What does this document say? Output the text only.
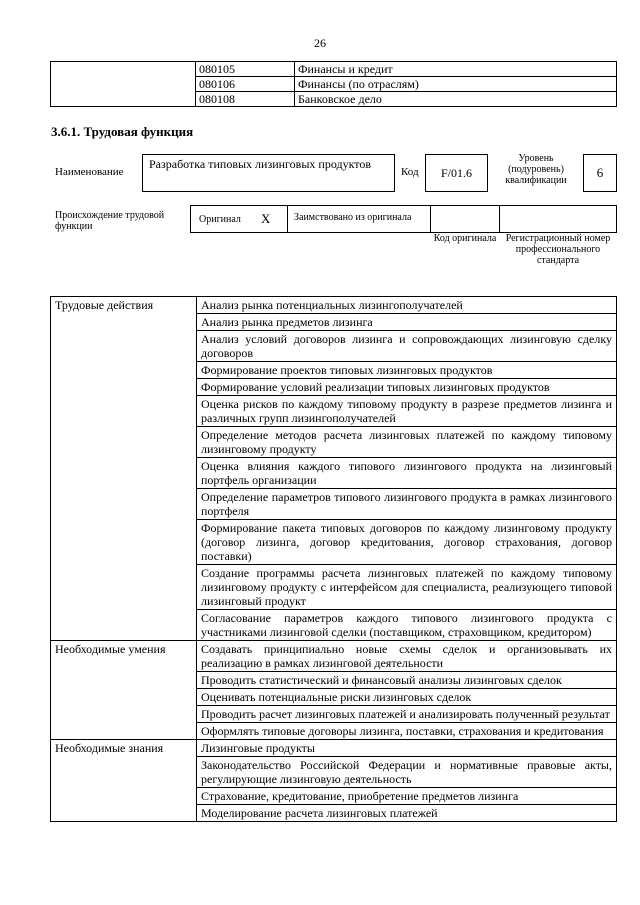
26
	080105	Финансы и кредит
	080106	Финансы (по отраслям)
	080108	Банковское дело
3.6.1. Трудовая функция
Наименование
Разработка типовых лизинговых продуктов
Код	F/01.6
Уровень (подуровень) квалификации
6
Происхождение трудовой функции
Оригинал X	Заимствовано из оригинала
Код оригинала Регистрационный номер профессионального стандарта
Трудовые действия	Анализ рынка потенциальных лизингополучателей
	Анализ рынка предметов лизинга
	Анализ условий договоров лизинга и сопровождающих лизинговую сделку договоров
	Формирование проектов типовых лизинговых продуктов
	Формирование условий реализации типовых лизинговых продуктов
	Оценка рисков по каждому типовому продукту в разрезе предметов лизинга и различных групп лизингополучателей
	Определение методов расчета лизинговых платежей по каждому типовому лизинговому продукту
	Оценка влияния каждого типового лизингового продукта на лизинговый портфель организации
	Определение параметров типового лизингового продукта в рамках лизингового портфеля
	Формирование пакета типовых договоров по каждому лизинговому продукту (договор лизинга, договор кредитования, договор страхования, договор поставки)
	Создание программы расчета лизинговых платежей по каждому типовому лизинговому продукту с интерфейсом для специалиста, реализующего типовой лизинговый продукт
	Согласование параметров каждого типового лизингового продукта с участниками лизинговой сделки (поставщиком, страховщиком, кредитором)
Необходимые умения	Создавать принципиально новые схемы сделок и организовывать их реализацию в рамках лизинговой деятельности
	Проводить статистический и финансовый анализы лизинговых сделок
	Оценивать потенциальные риски лизинговых сделок
	Проводить расчет лизинговых платежей и анализировать полученный результат
	Оформлять типовые договоры лизинга, поставки, страхования и кредитования
Необходимые знания	Лизинговые продукты
	Законодательство Российской Федерации и нормативные правовые акты, регулирующие лизинговую деятельность
	Страхование, кредитование, приобретение предметов лизинга
	Моделирование расчета лизинговых платежей
